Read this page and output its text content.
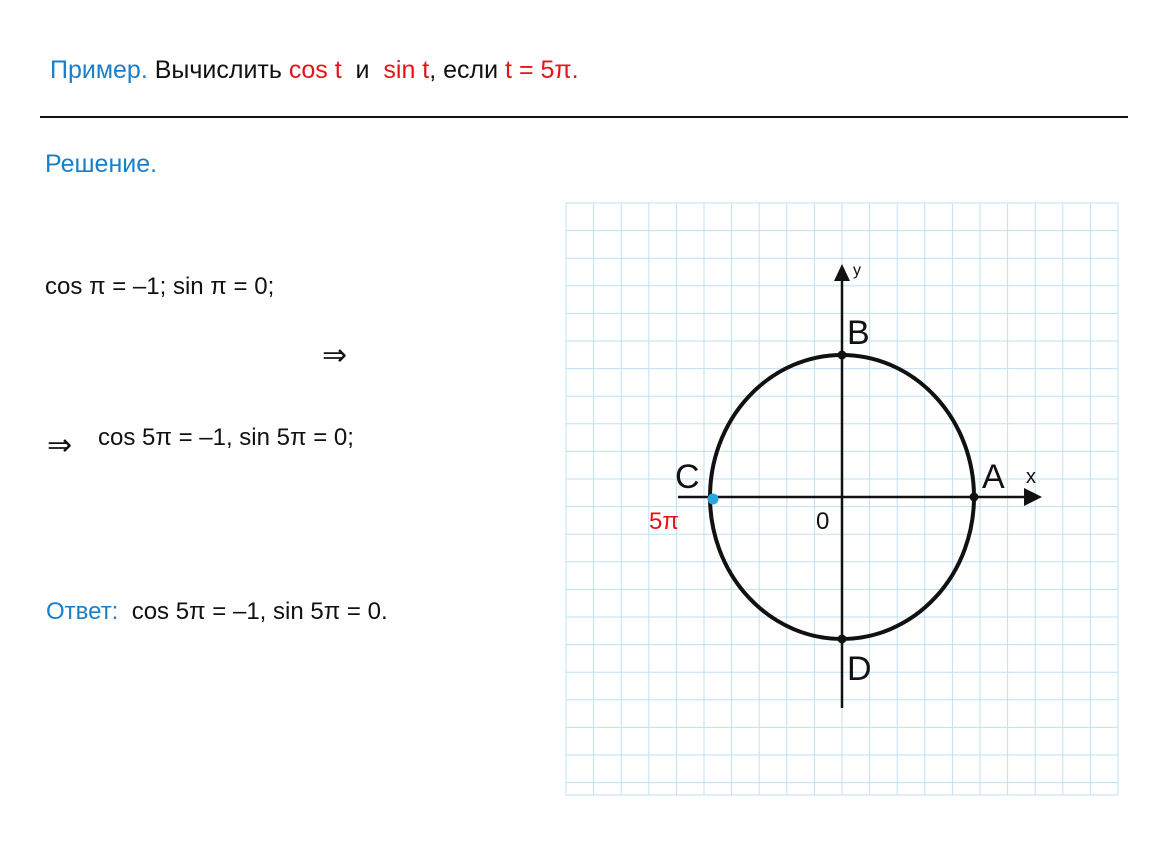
Пример. Вычислить cos t  и  sin t, если t = 5π.
Решение.
cos π = –1; sin π = 0;
⇒
⇒ cos 5π = –1, sin 5π = 0;
Ответ:  cos 5π = –1, sin 5π = 0.
A
B
C
D
x
y
0
5π
